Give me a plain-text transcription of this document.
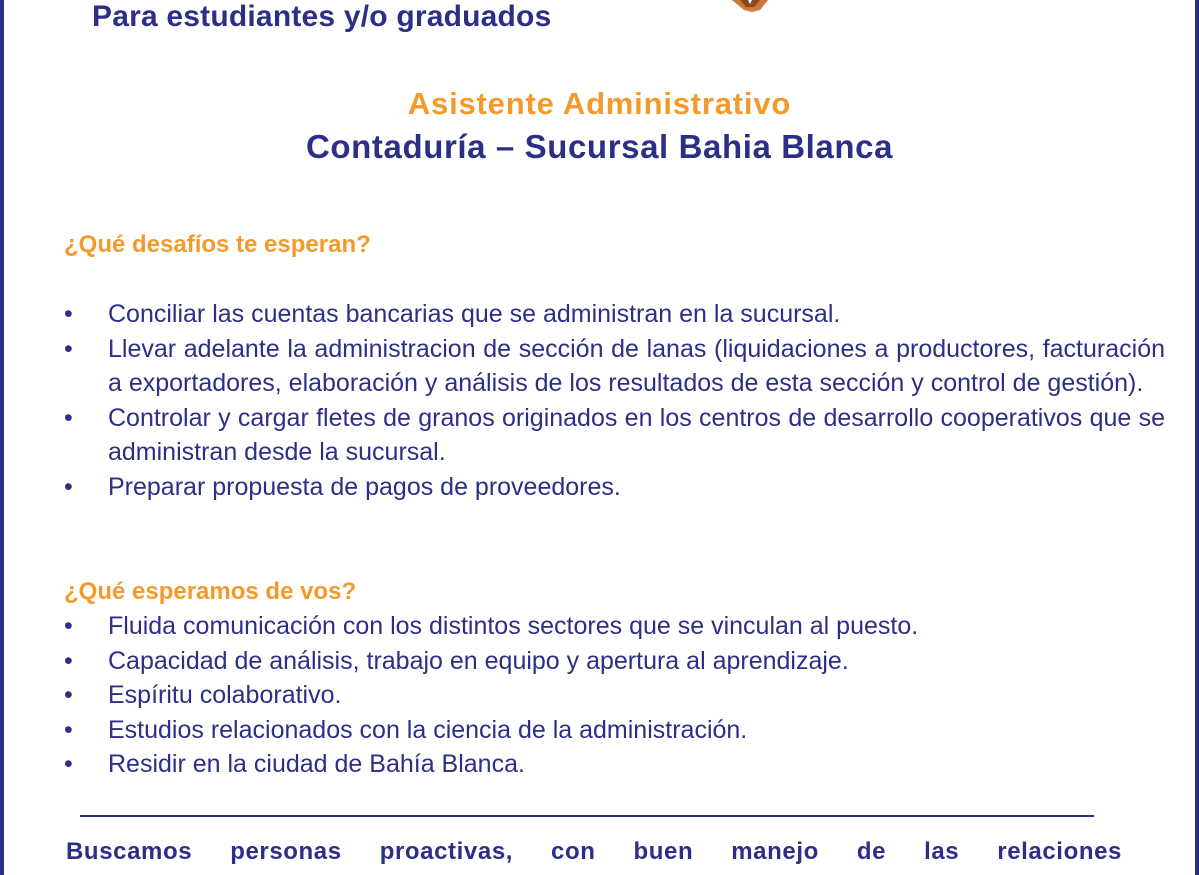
Para estudiantes y/o graduados
Asistente Administrativo
Contaduría – Sucursal Bahia Blanca
¿Qué desafíos te esperan?
•	Conciliar las cuentas bancarias que se administran en la sucursal.
•	Llevar adelante la administracion de sección de lanas (liquidaciones a productores, facturación a exportadores, elaboración y análisis de los resultados de esta sección y control de gestión).
•	Controlar y cargar fletes de granos originados en los centros de desarrollo cooperativos que se administran desde la sucursal.
•	Preparar propuesta de pagos de proveedores.
¿Qué esperamos de vos?
•	Fluida comunicación con los distintos sectores que se vinculan al puesto.
•	Capacidad de análisis, trabajo en equipo y apertura al aprendizaje.
•	Espíritu colaborativo.
•	Estudios relacionados con la ciencia de la administración.
•	Residir en la ciudad de Bahía Blanca.
Buscamos personas proactivas, con buen manejo de las relaciones
